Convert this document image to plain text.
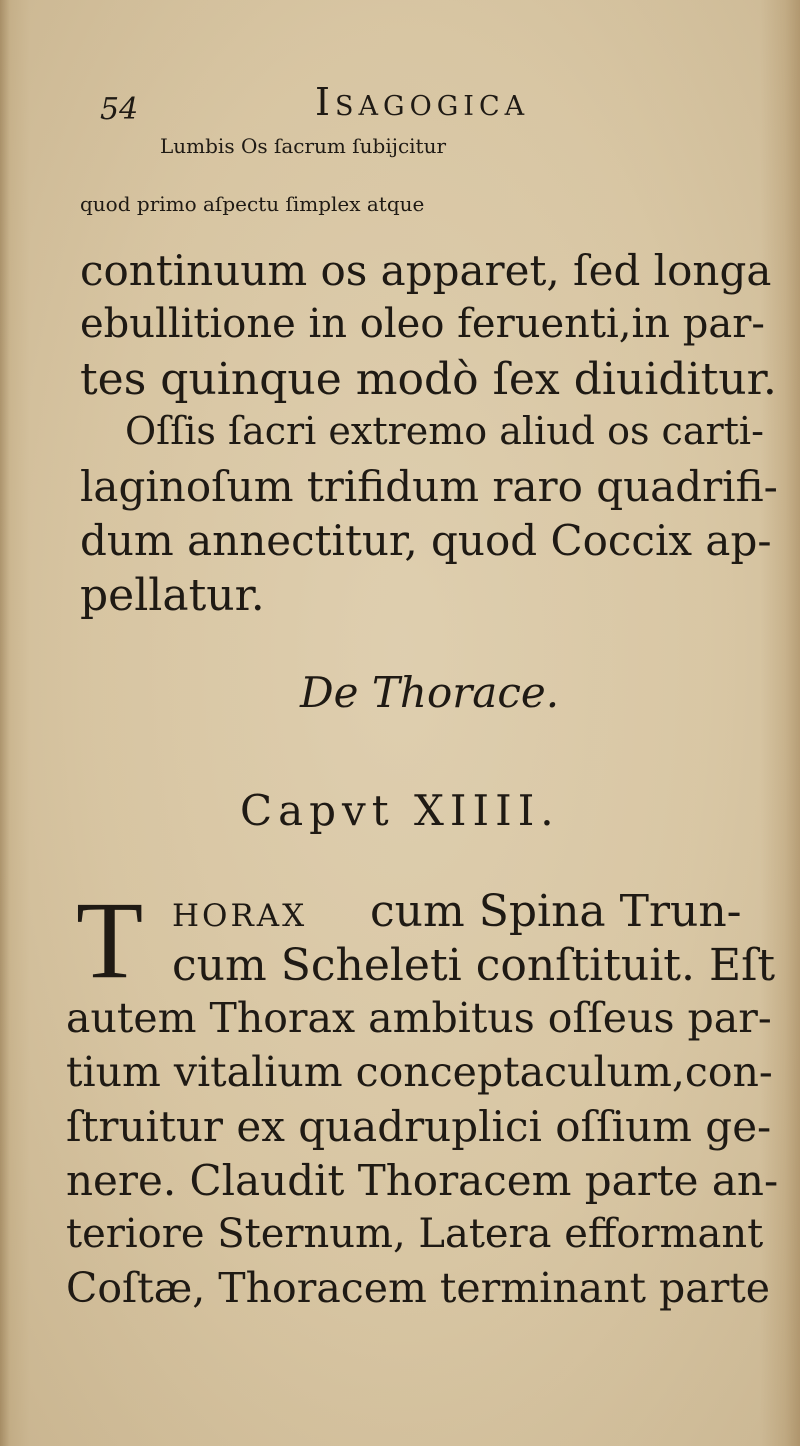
54	Isagogica
Lumbis Os ſacrum ſubijcitur
quod primo aſpectu ſimplex atque
continuum os apparet, ſed longa
ebullitione in oleo feruenti,in par-
tes quinque modò ſex diuiditur.
Oſſis ſacri extremo aliud os carti-
laginoſum trifidum raro quadrifi-
dum annectitur, quod Coccix ap-
pellatur.
De Thorace.
Capvt XIIII.
T horax cum Spina Trun-
cum Scheleti conſtituit. Eſt
autem Thorax ambitus oſſeus par-
tium vitalium conceptaculum,con-
ſtruitur ex quadruplici oſſium ge-
nere. Claudit Thoracem parte an-
teriore Sternum, Latera efformant
Coſtæ, Thoracem terminant parte
